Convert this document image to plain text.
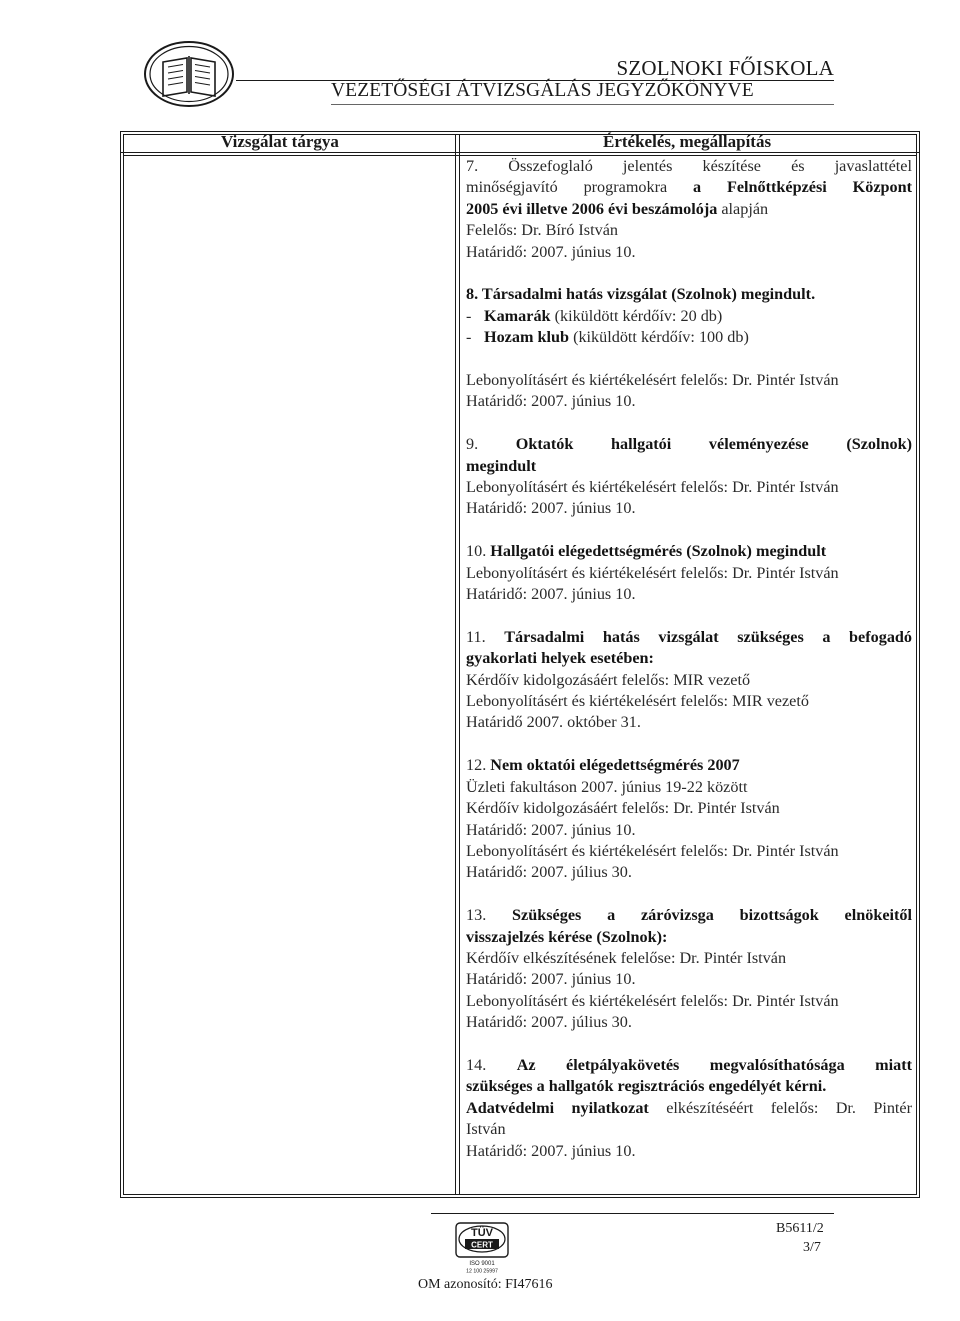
SZOLNOKI FŐISKOLA
VEZETŐSÉGI ÁTVIZSGÁLÁS JEGYZŐKÖNYVE
Vizsgálat tárgya	Értékelés, megállapítás
7. Összefoglaló jelentés készítése és javaslattétel
minőségjavító programokra a Felnőttképzési Központ
2005 évi illetve 2006 évi beszámolója alapján
Felelős: Dr. Bíró István
Határidő: 2007. június 10.
8. Társadalmi hatás vizsgálat (Szolnok) megindult.
- Kamarák (kiküldött kérdőív: 20 db)
- Hozam klub (kiküldött kérdőív: 100 db)
Lebonyolításért és kiértékelésért felelős: Dr. Pintér István
Határidő: 2007. június 10.
9. Oktatók hallgatói véleményezése (Szolnok)
megindult
Lebonyolításért és kiértékelésért felelős: Dr. Pintér István
Határidő: 2007. június 10.
10. Hallgatói elégedettségmérés (Szolnok) megindult
Lebonyolításért és kiértékelésért felelős: Dr. Pintér István
Határidő: 2007. június 10.
11. Társadalmi hatás vizsgálat szükséges a befogadó
gyakorlati helyek esetében:
Kérdőív kidolgozásáért felelős: MIR vezető
Lebonyolításért és kiértékelésért felelős: MIR vezető
Határidő 2007. október 31.
12. Nem oktatói elégedettségmérés 2007
Üzleti fakultáson 2007. június 19-22 között
Kérdőív kidolgozásáért felelős: Dr. Pintér István
Határidő: 2007. június 10.
Lebonyolításért és kiértékelésért felelős: Dr. Pintér István
Határidő: 2007. július 30.
13. Szükséges a záróvizsga bizottságok elnökeitől
visszajelzés kérése (Szolnok):
Kérdőív elkészítésének felelőse: Dr. Pintér István
Határidő: 2007. június 10.
Lebonyolításért és kiértékelésért felelős: Dr. Pintér István
Határidő: 2007. július 30.
14. Az életpályakövetés megvalósíthatósága miatt
szükséges a hallgatók regisztrációs engedélyét kérni.
Adatvédelmi nyilatkozat elkészítéséért felelős: Dr. Pintér
István
Határidő: 2007. június 10.
TÜV
CERT
ISO 9001
12 100 25997
B5611/2
3/7
OM azonosító: FI47616
